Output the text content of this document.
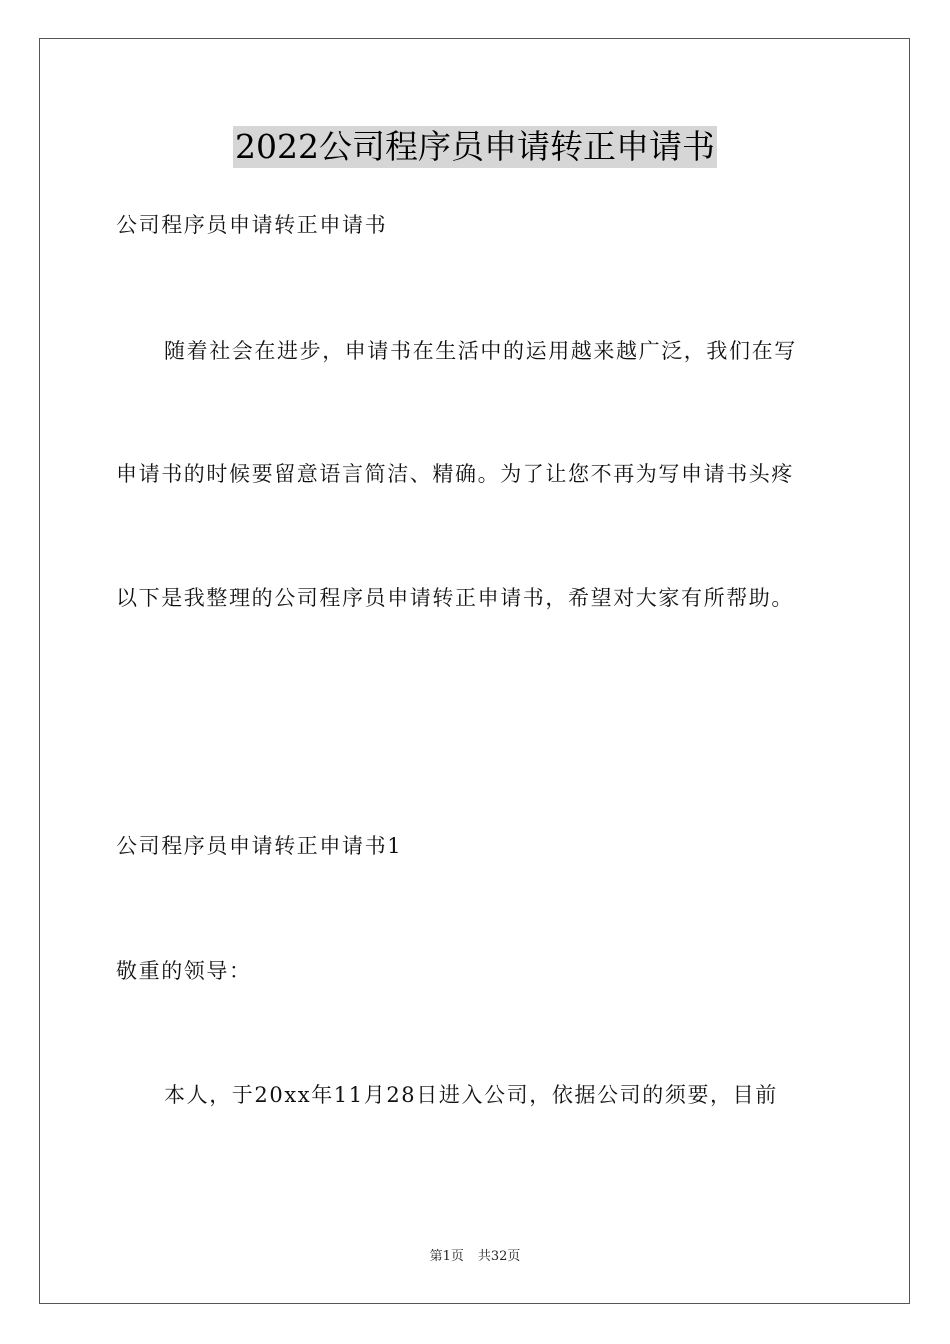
2022公司程序员申请转正申请书
公司程序员申请转正申请书
随着社会在进步，申请书在生活中的运用越来越广泛，我们在写
申请书的时候要留意语言简洁、精确。为了让您不再为写申请书头疼
以下是我整理的公司程序员申请转正申请书，希望对大家有所帮助。
公司程序员申请转正申请书1
敬重的领导：
本人，于20xx年11月28日进入公司，依据公司的须要，目前
第1页 共32页
